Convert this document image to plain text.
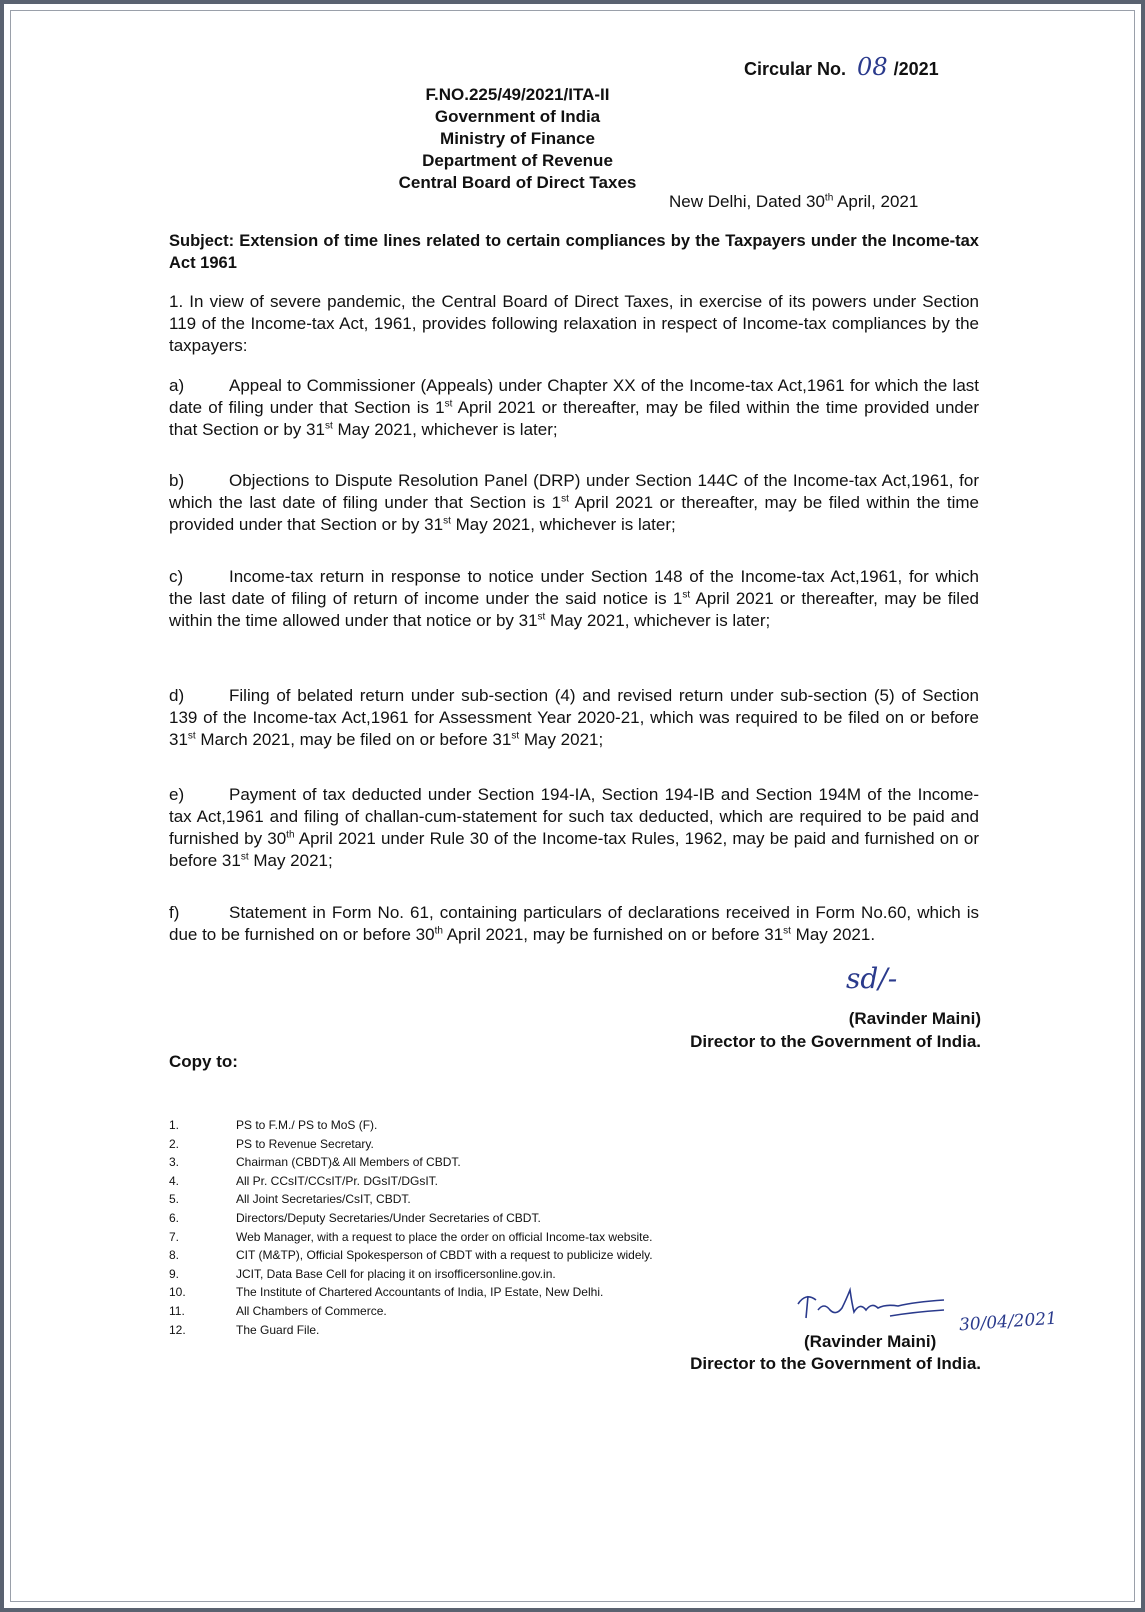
Circular No. 08 /2021
F.NO.225/49/2021/ITA-II
Government of India
Ministry of Finance
Department of Revenue
Central Board of Direct Taxes
New Delhi, Dated 30th April, 2021
Subject: Extension of time lines related to certain compliances by the Taxpayers under the Income-tax Act 1961
1. In view of severe pandemic, the Central Board of Direct Taxes, in exercise of its powers under Section 119 of the Income-tax Act, 1961, provides following relaxation in respect of Income-tax compliances by the taxpayers:
a)	Appeal to Commissioner (Appeals) under Chapter XX of the Income-tax Act,1961 for which the last date of filing under that Section is 1st April 2021 or thereafter, may be filed within the time provided under that Section or by 31st May 2021, whichever is later;
b)	Objections to Dispute Resolution Panel (DRP) under Section 144C of the Income-tax Act,1961, for which the last date of filing under that Section is 1st April 2021 or thereafter, may be filed within the time provided under that Section or by 31st May 2021, whichever is later;
c)	Income-tax return in response to notice under Section 148 of the Income-tax Act,1961, for which the last date of filing of return of income under the said notice is 1st April 2021 or thereafter, may be filed within the time allowed under that notice or by 31st May 2021, whichever is later;
d)	Filing of belated return under sub-section (4) and revised return under sub-section (5) of Section 139 of the Income-tax Act,1961 for Assessment Year 2020-21, which was required to be filed on or before 31st March 2021, may be filed on or before 31st May 2021;
e)	Payment of tax deducted under Section 194-IA, Section 194-IB and Section 194M of the Income-tax Act,1961 and filing of challan-cum-statement for such tax deducted, which are required to be paid and furnished by 30th April 2021 under Rule 30 of the Income-tax Rules, 1962, may be paid and furnished on or before 31st May 2021;
f)	Statement in Form No. 61, containing particulars of declarations received in Form No.60, which is due to be furnished on or before 30th April 2021, may be furnished on or before 31st May 2021.
sd/-
(Ravinder Maini)
Director to the Government of India.
Copy to:
1.	PS to F.M./ PS to MoS (F).
2.	PS to Revenue Secretary.
3.	Chairman (CBDT)& All Members of CBDT.
4.	All Pr. CCsIT/CCsIT/Pr. DGsIT/DGsIT.
5.	All Joint Secretaries/CsIT, CBDT.
6.	Directors/Deputy Secretaries/Under Secretaries of CBDT.
7.	Web Manager, with a request to place the order on official Income-tax website.
8.	CIT (M&TP), Official Spokesperson of CBDT with a request to publicize widely.
9.	JCIT, Data Base Cell for placing it on irsofficersonline.gov.in.
10.	The Institute of Chartered Accountants of India, IP Estate, New Delhi.
11.	All Chambers of Commerce.
12.	The Guard File.	30/04/2021
(Ravinder Maini)
Director to the Government of India.
